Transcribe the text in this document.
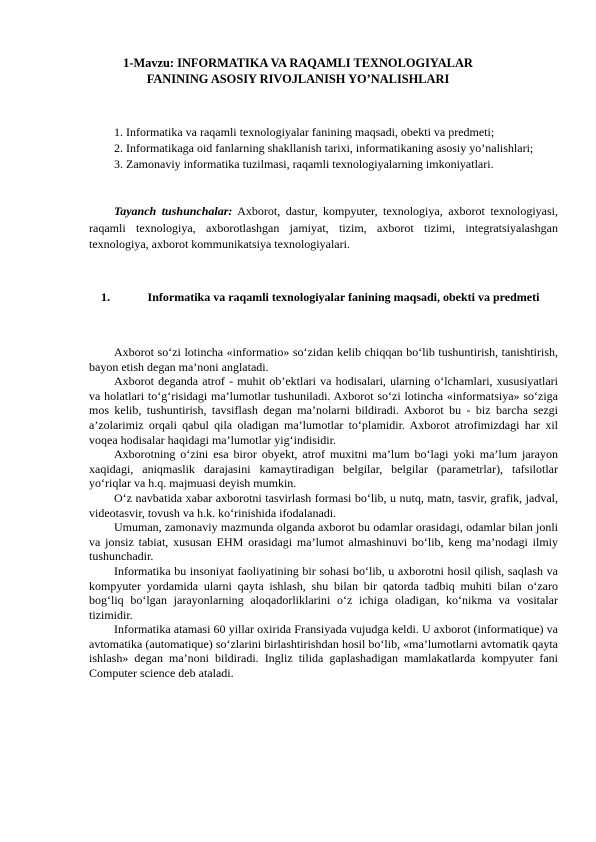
1-Mavzu: INFORMATIKA VA RAQAMLI TEXNOLOGIYALAR
FANINING ASOSIY RIVOJLANISH YO’NALISHLARI

1. Informatika va raqamli texnologiyalar fanining maqsadi, obekti va predmeti;

2. Informatikaga oid fanlarning shakllanish tarixi, informatikaning asosiy yo’nalishlari;

3. Zamonaviy informatika tuzilmasi, raqamli texnologiyalarning imkoniyatlari.

Tayanch tushunchalar: Axborot, dastur, kompyuter, texnologiya, axborot texnologiyasi, raqamli texnologiya, axborotlashgan jamiyat, tizim, axborot tizimi, integratsiyalashgan texnologiya, axborot kommunikatsiya texnologiyalari.

1.	Informatika va raqamli texnologiyalar fanining maqsadi, obekti va predmeti

Axborot so‘zi lotincha «informatio» so‘zidan kelib chiqqan bo‘lib tushuntirish, tanishtirish, bayon etish degan ma’noni anglatadi.

Axborot deganda atrof - muhit ob’ektlari va hodisalari, ularning o‘lchamlari, xususiyatlari va holatlari to‘g‘risidagi ma’lumotlar tushuniladi. Axborot so‘zi lotincha «informatsiya» so‘ziga mos kelib, tushuntirish, tavsiflash degan ma’nolarni bildiradi. Axborot bu - biz barcha sezgi a’zolarimiz orqali qabul qila oladigan ma’lumotlar to‘plamidir. Axborot atrofimizdagi har xil voqea hodisalar haqidagi ma’lumotlar yig‘indisidir.

Axborotning o‘zini esa biror obyekt, atrof muxitni ma’lum bo‘lagi yoki ma’lum jarayon xaqidagi, aniqmaslik darajasini kamaytiradigan belgilar, belgilar (parametrlar), tafsilotlar yo‘riqlar va h.q. majmuasi deyish mumkin.

O‘z navbatida xabar axborotni tasvirlash formasi bo‘lib, u nutq, matn, tasvir, grafik, jadval, videotasvir, tovush va h.k. ko‘rinishida ifodalanadi.

Umuman, zamonaviy mazmunda olganda axborot bu odamlar orasidagi, odamlar bilan jonli va jonsiz tabiat, xususan EHM orasidagi ma’lumot almashinuvi bo‘lib, keng ma’nodagi ilmiy tushunchadir.

Informatika bu insoniyat faoliyatining bir sohasi bo‘lib, u axborotni hosil qilish, saqlash va kompyuter yordamida ularni qayta ishlash, shu bilan bir qatorda tadbiq muhiti bilan o‘zaro bog‘liq bo‘lgan jarayonlarning aloqadorliklarini o‘z ichiga oladigan, ko‘nikma va vositalar tizimidir.

Informatika atamasi 60 yillar oxirida Fransiyada vujudga keldi. U axborot (informatique) va avtomatika (automatique) so‘zlarini birlashtirishdan hosil bo‘lib, «ma’lumotlarni avtomatik qayta ishlash» degan ma’noni bildiradi. Ingliz tilida gaplashadigan mamlakatlarda kompyuter fani Computer science deb ataladi.
